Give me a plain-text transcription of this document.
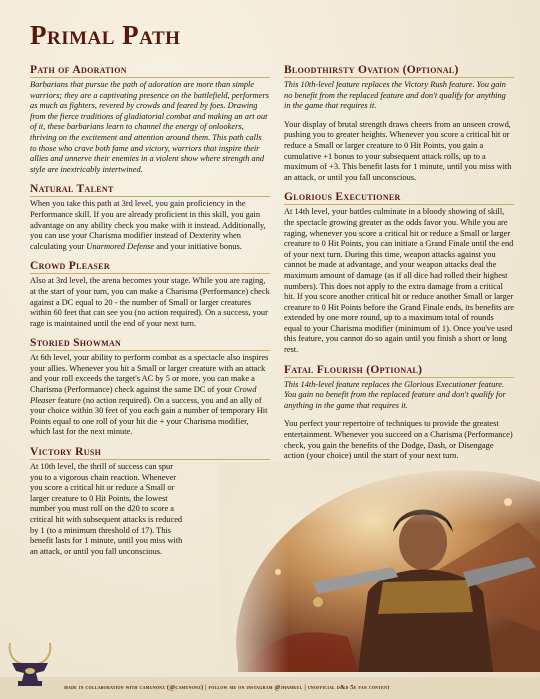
Primal Path
Path of Adoration

Barbarians that pursue the path of adoration are more than simple warriors; they are a captivating presence on the battlefield, performers as much as fighters, revered by crowds and feared by foes. Drawing from the fierce traditions of gladiatorial combat and making an art out of it, these barbarians learn to channel the energy of onlookers, thriving on the excitement and attention around them. This path calls to those who crave both fame and victory, warriors that inspire their allies and unnerve their enemies in a violent show where strength and style are inextricably intertwined.

Natural Talent

When you take this path at 3rd level, you gain proficiency in the Performance skill. If you are already proficient in this skill, you gain advantage on any ability check you make with it instead. Additionally, you can use your Charisma modifier instead of Dexterity when calculating your Unarmored Defense and your initiative bonus.

Crowd Pleaser

Also at 3rd level, the arena becomes your stage. While you are raging, at the start of your turn, you can make a Charisma (Performance) check against a DC equal to 20 - the number of Small or larger creatures within 60 feet that can see you (no action required). On a success, your rage is maintained until the end of your next turn.

Storied Showman

At 6th level, your ability to perform combat as a spectacle also inspires your allies. Whenever you hit a Small or larger creature with an attack and your roll exceeds the target's AC by 5 or more, you can make a Charisma (Performance) check against the same DC of your Crowd Pleaser feature (no action required). On a success, you and an ally of your choice within 30 feet of you each gain a number of temporary Hit Points equal to one roll of your hit die + your Charisma modifier, which last for the next minute.

Victory Rush

At 10th level, the thrill of success can spur you to a vigorous chain reaction. Whenever you score a critical hit or reduce a Small or larger creature to 0 Hit Points, the lowest number you must roll on the d20 to score a critical hit with subsequent attacks is reduced by 1 (to a minimum threshold of 17). This benefit lasts for 1 minute, until you miss with an attack, or until you fall unconscious.

Bloodthirsty Ovation (Optional)

This 10th-level feature replaces the Victory Rush feature. You gain no benefit from the replaced feature and don't qualify for anything in the game that requires it.

Your display of brutal strength draws cheers from an unseen crowd, pushing you to greater heights. Whenever you score a critical hit or reduce a Small or larger creature to 0 Hit Points, you gain a cumulative +1 bonus to your subsequent attack rolls, up to a maximum of +3. This benefit lasts for 1 minute, until you miss with an attack, or until you fall unconscious.

Glorious Executioner

At 14th level, your battles culminate in a bloody showing of skill, the spectacle growing greater as the odds favor you. While you are raging, whenever you score a critical hit or reduce a Small or larger creature to 0 Hit Points, you can initiate a Grand Finale until the end of your next turn. During this time, weapon attacks against you cannot be made at advantage, and your weapon attacks deal the maximum amount of damage (as if all dice had rolled their highest numbers). This does not apply to the extra damage from a critical hit. If you score another critical hit or reduce another Small or larger creature to 0 Hit Points before the Grand Finale ends, its benefits are extended by one more round, up to a maximum total of rounds equal to your Charisma modifier (minimum of 1). Once you've used this feature, you cannot do so again until you finish a short or long rest.

Fatal Flourish (Optional)

This 14th-level feature replaces the Glorious Executioner feature. You gain no benefit from the replaced feature and don't qualify for anything in the game that requires it.

You perfect your repertoire of techniques to provide the greatest entertainment. Whenever you succeed on a Charisma (Performance) check, you gain the benefits of the Dodge, Dash, or Disengage action (your choice) until the start of your next turn.

made in collaboration with camunonz (@camunonz) | follow me on instagram @jhamkul | unofficial d&d 5e fan content
